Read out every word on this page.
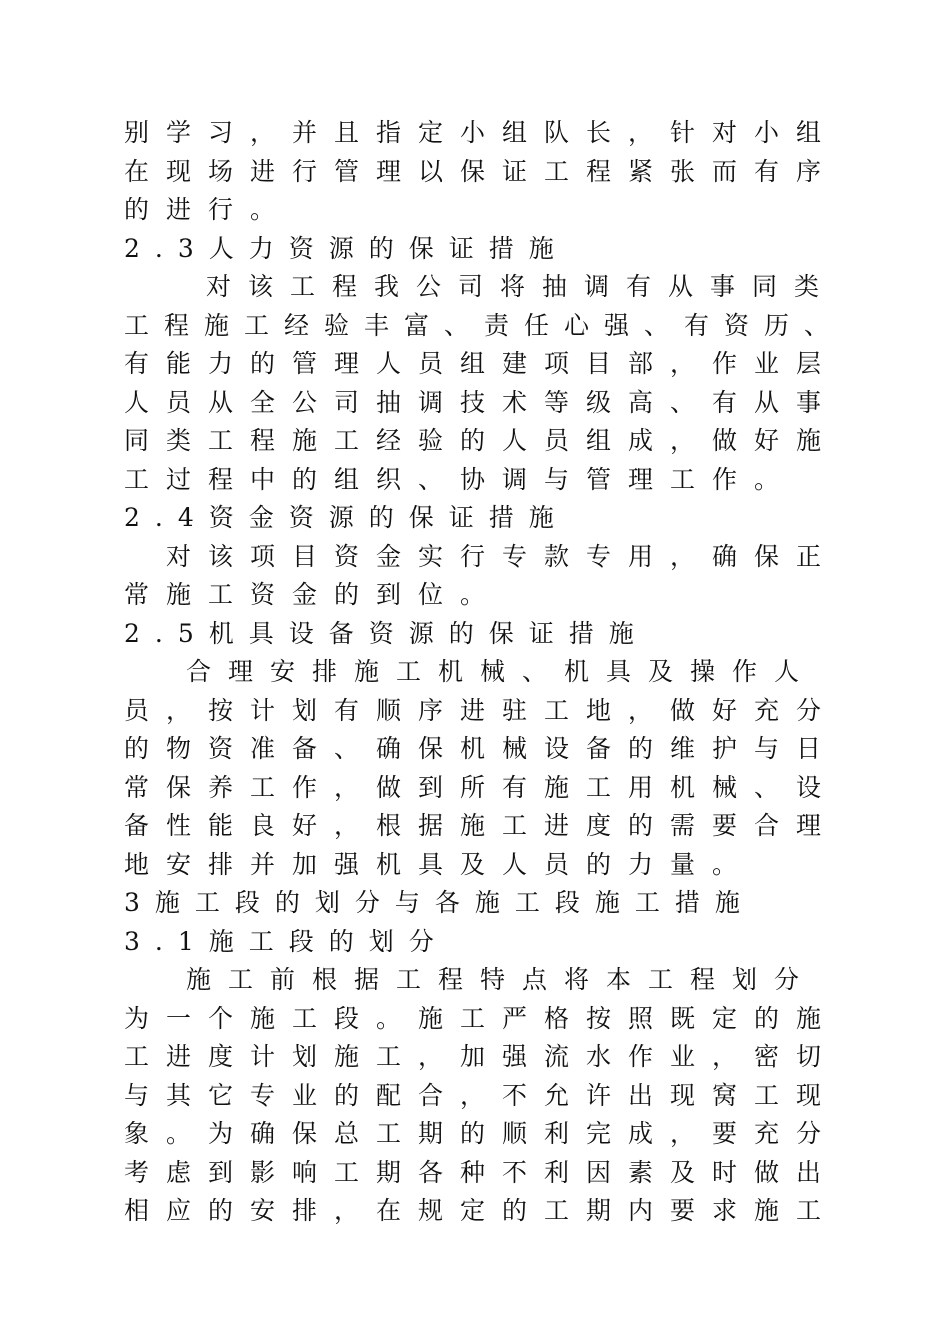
别学习，并且指定小组队长，针对小组
在现场进行管理以保证工程紧张而有序
的进行。
2.3人力资源的保证措施
对该工程我公司将抽调有从事同类
工程施工经验丰富、责任心强、有资历、
有能力的管理人员组建项目部，作业层
人员从全公司抽调技术等级高、有从事
同类工程施工经验的人员组成，做好施
工过程中的组织、协调与管理工作。
2.4资金资源的保证措施
对该项目资金实行专款专用，确保正
常施工资金的到位。
2.5机具设备资源的保证措施
合理安排施工机械、机具及操作人
员，按计划有顺序进驻工地，做好充分
的物资准备、确保机械设备的维护与日
常保养工作，做到所有施工用机械、设
备性能良好，根据施工进度的需要合理
地安排并加强机具及人员的力量。
3施工段的划分与各施工段施工措施
3.1施工段的划分
施工前根据工程特点将本工程划分
为一个施工段。施工严格按照既定的施
工进度计划施工，加强流水作业，密切
与其它专业的配合，不允许出现窝工现
象。为确保总工期的顺利完成，要充分
考虑到影响工期各种不利因素及时做出
相应的安排，在规定的工期内要求施工
